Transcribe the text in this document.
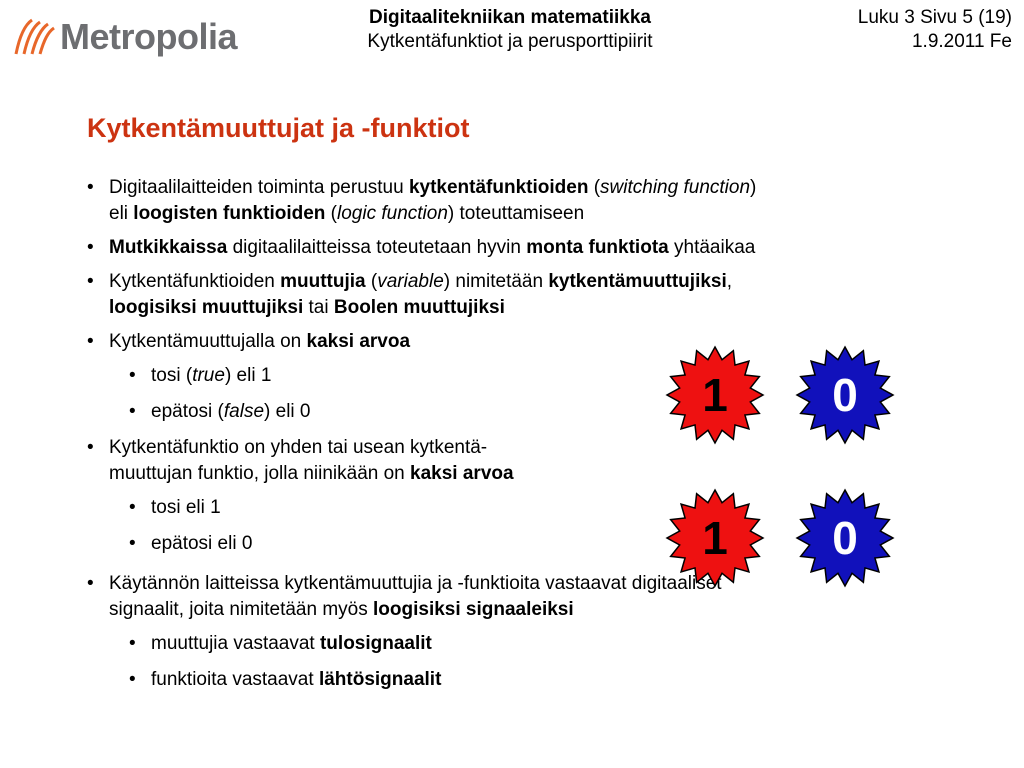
Metropolia	Digitaalitekniikan matematiikka
Kytkentäfunktiot ja perusporttipiirit
Luku 3 Sivu 5 (19)
1.9.2011 Fe
Kytkentämuuttujat ja -funktiot
• Digitaalilaitteiden toiminta perustuu kytkentäfunktioiden (switching function)
eli loogisten funktioiden (logic function) toteuttamiseen
• Mutkikkaissa digitaalilaitteissa toteutetaan hyvin monta funktiota yhtäaikaa
• Kytkentäfunktioiden muuttujia (variable) nimitetään kytkentämuuttujiksi,
loogisiksi muuttujiksi tai Boolen muuttujiksi
• Kytkentämuuttujalla on kaksi arvoa
• tosi (true) eli 1
• epätosi (false) eli 0
• Kytkentäfunktio on yhden tai usean kytkentä-
muuttujan funktio, jolla niinikään on kaksi arvoa
• tosi eli 1
• epätosi eli 0
• Käytännön laitteissa kytkentämuuttujia ja -funktioita vastaavat digitaaliset
signaalit, joita nimitetään myös loogisiksi signaaleiksi
• muuttujia vastaavat tulosignaalit
• funktioita vastaavat lähtösignaalit
1	0
1	0
